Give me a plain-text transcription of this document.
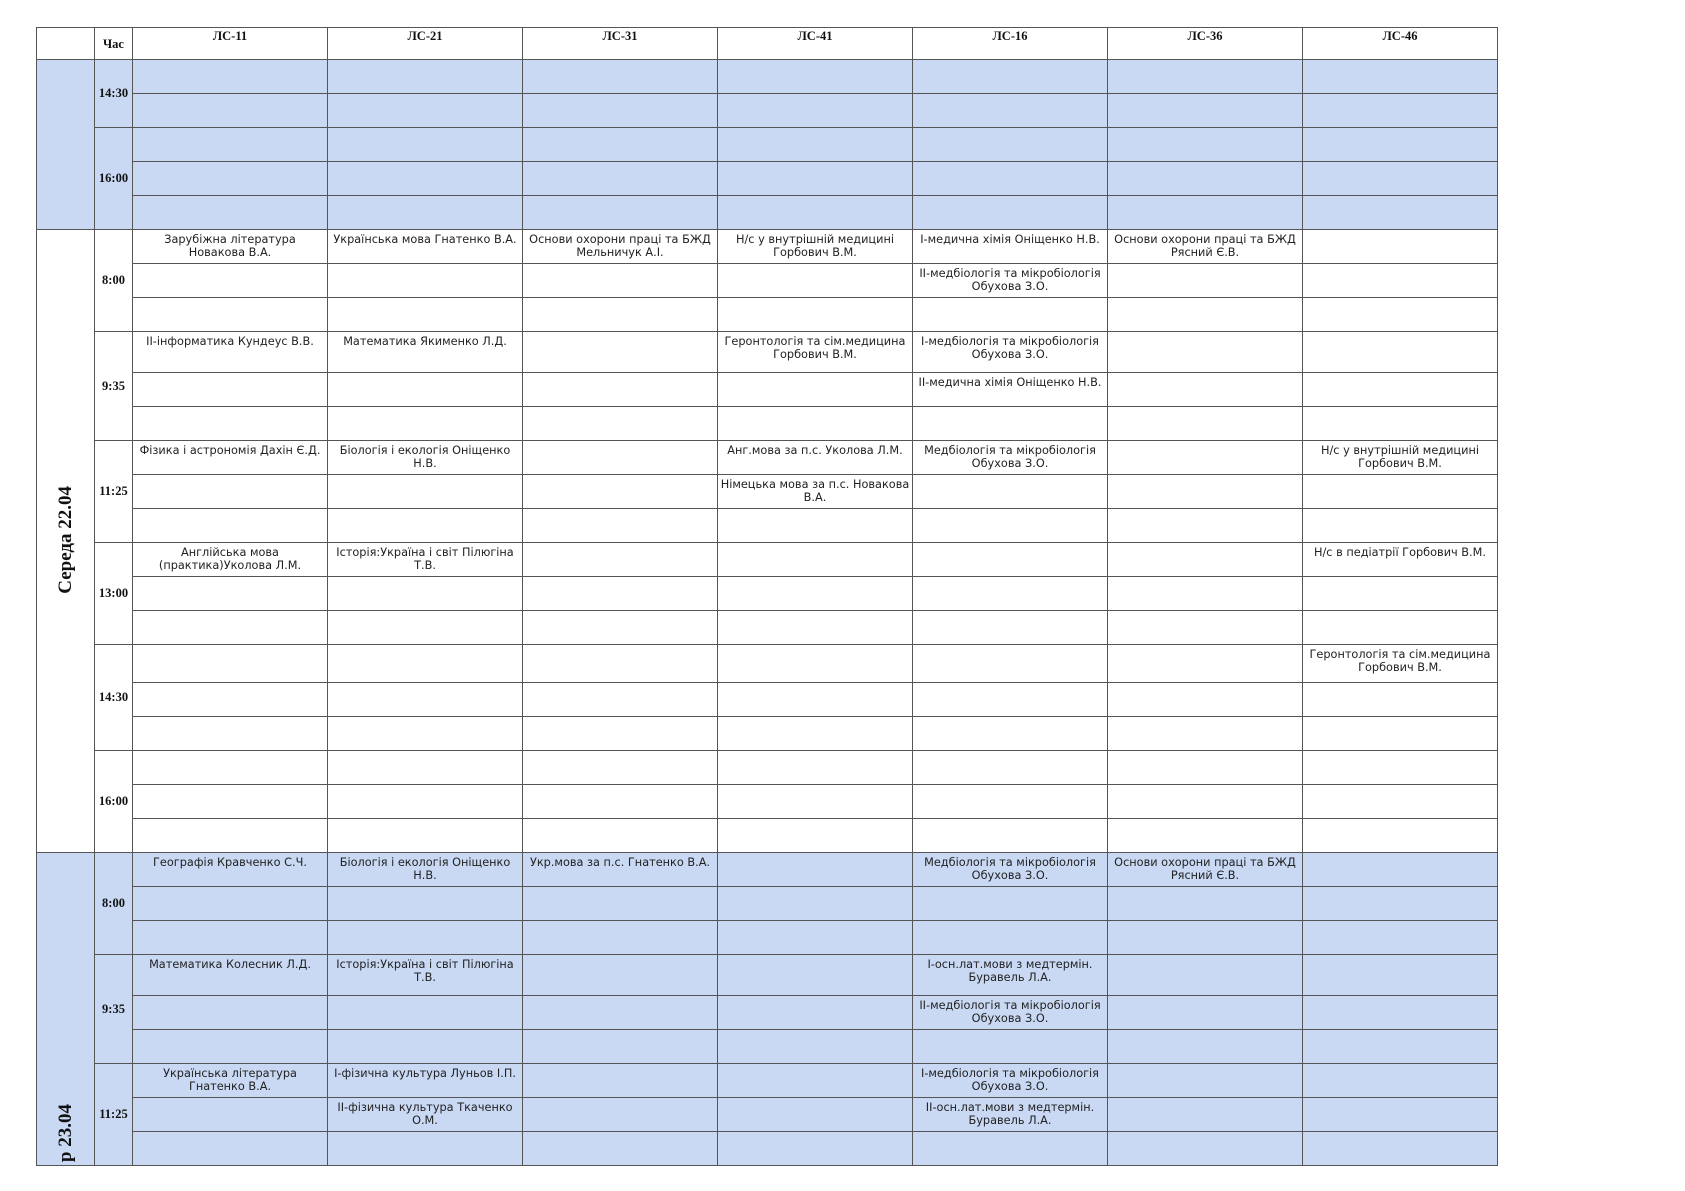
	Час	ЛС-11	ЛС-21	ЛС-31	ЛС-41	ЛС-16	ЛС-36	ЛС-46
	14:30	

	16:00	

Середа 22.04	8:00	Зарубіжна література Новакова В.А.	Українська мова Гнатенко В.А.	Основи охорони праці та БЖД Мельничук А.І.	Н/с у внутрішній медицині Горбович В.М.	I-медична хімія Оніщенко Н.В.	Основи охорони праці та БЖД Рясний Є.В.	

						II-медбіологія та мікробіологія Обухова З.О.		

	9:35	II-інформатика Кундеус В.В.	Математика Якименко Л.Д.		Геронтологія та сім.медицина Горбович В.М.	I-медбіологія та мікробіологія Обухова З.О.		

						II-медична хімія Оніщенко Н.В.		

	11:25	Фізика і астрономія Дахін Є.Д.	Біологія і екологія Оніщенко Н.В.		Анг.мова за п.с. Уколова Л.М.	Медбіологія та мікробіологія Обухова З.О.		Н/с у внутрішній медицині Горбович В.М.

					Німецька мова за п.с. Новакова В.А.			

	13:00	Англійська мова (практика)Уколова Л.М.	Історія:Україна і світ Пілюгіна Т.В.					Н/с в педіатрії Горбович В.М.

	14:30							Геронтологія та сім.медицина Горбович В.М.

	16:00	

р 23.04	8:00	Географія Кравченко С.Ч.	Біологія і екологія Оніщенко Н.В.	Укр.мова за п.с. Гнатенко В.А.		Медбіологія та мікробіологія Обухова З.О.	Основи охорони праці та БЖД Рясний Є.В.	

	9:35	Математика Колесник Л.Д.	Історія:Україна і світ Пілюгіна Т.В.			I-осн.лат.мови з медтермін. Буравель Л.А.		

						II-медбіологія та мікробіологія Обухова З.О.		

	11:25	Українська література Гнатенко В.А.	I-фізична культура Луньов І.П.			I-медбіологія та мікробіологія Обухова З.О.		

			II-фізична культура Ткаченко О.М.			II-осн.лат.мови з медтермін. Буравель Л.А.		
